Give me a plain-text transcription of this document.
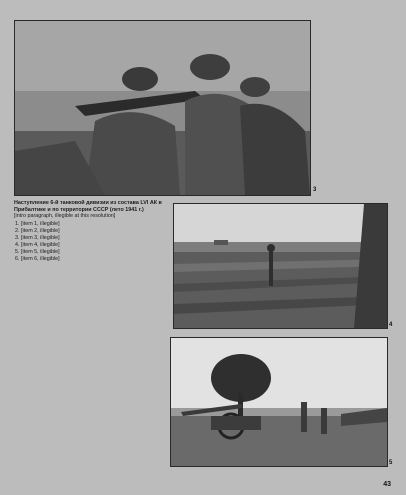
3
Наступление 6-й танковой дивизии из состава LVI АК в Прибалтике и по территории СССР (лето 1941 г.)

[intro paragraph, illegible at this resolution]

1. [item 1, illegible]
2. [item 2, illegible]
3. [item 3, illegible]
4. [item 4, illegible]
5. [item 5, illegible]
6. [item 6, illegible]
4
5
43
